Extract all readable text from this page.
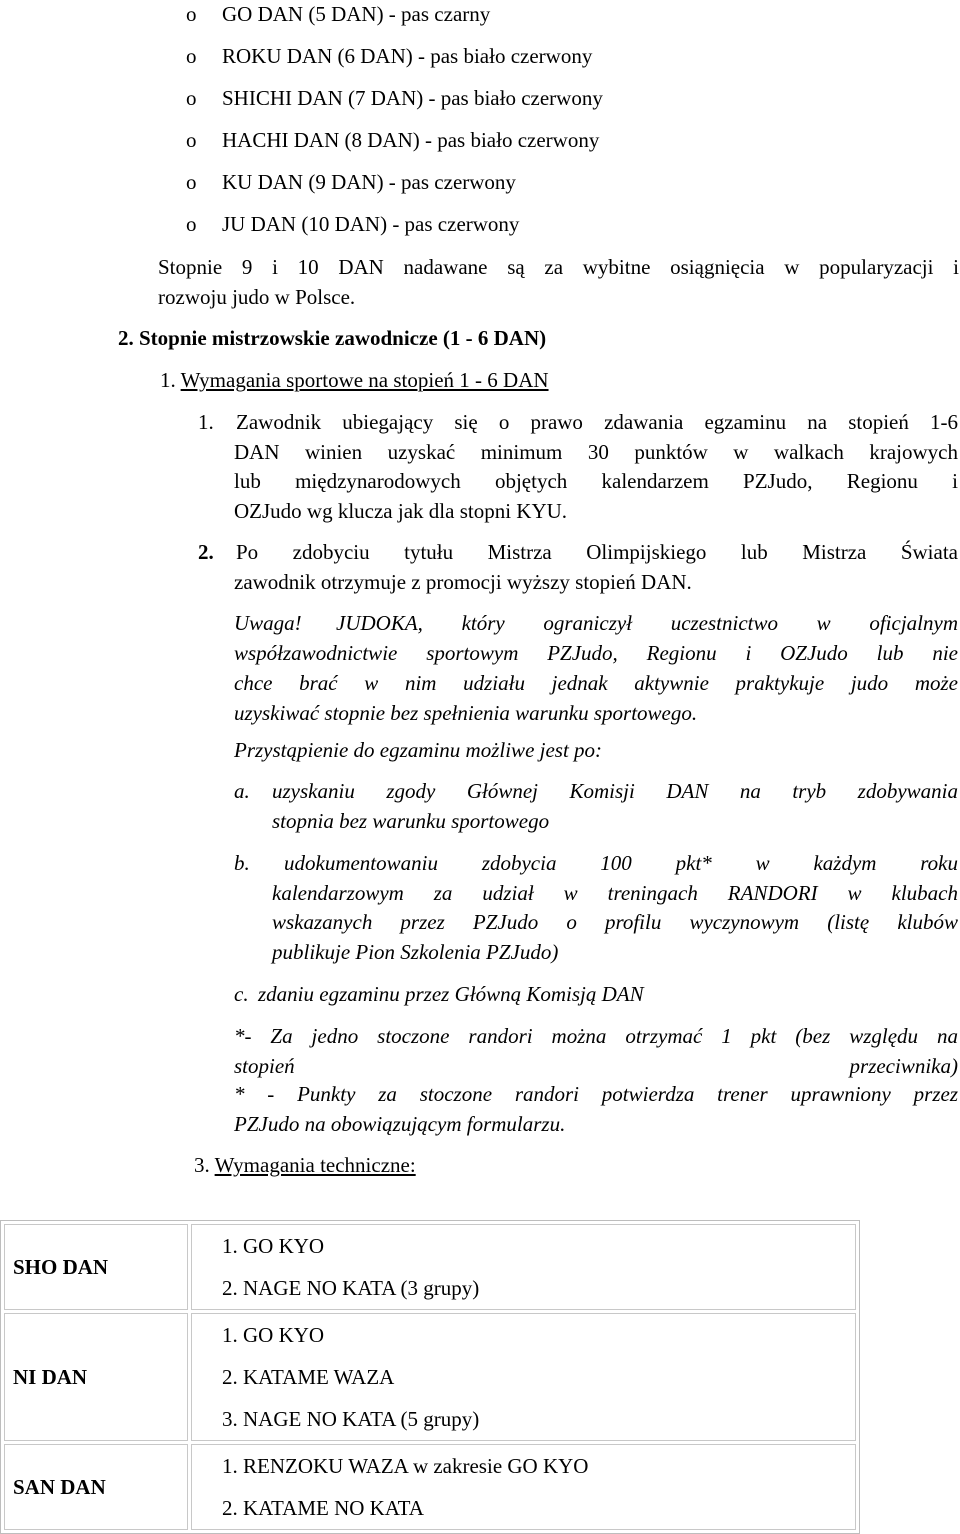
o GO DAN (5 DAN) - pas czarny
o ROKU DAN (6 DAN) - pas biało czerwony
o SHICHI DAN (7 DAN) - pas biało czerwony
o HACHI DAN (8 DAN) - pas biało czerwony
o KU DAN (9 DAN) - pas czerwony
o JU DAN (10 DAN) - pas czerwony
Stopnie 9 i 10 DAN nadawane są za wybitne osiągnięcia w popularyzacji i
rozwoju judo w Polsce.
2. Stopnie mistrzowskie zawodnicze (1 - 6 DAN)
1. Wymagania sportowe na stopień 1 - 6 DAN
1. Zawodnik ubiegający się o prawo zdawania egzaminu na stopień 1-6
DAN winien uzyskać minimum 30 punktów w walkach krajowych
lub międzynarodowych objętych kalendarzem PZJudo, Regionu i
OZJudo wg klucza jak dla stopni KYU.
2. Po zdobyciu tytułu Mistrza Olimpijskiego lub Mistrza Świata
zawodnik otrzymuje z promocji wyższy stopień DAN.
Uwaga! JUDOKA, który ograniczył uczestnictwo w oficjalnym
współzawodnictwie sportowym PZJudo, Regionu i OZJudo lub nie
chce brać w nim udziału jednak aktywnie praktykuje judo może
uzyskiwać stopnie bez spełnienia warunku sportowego.
Przystąpienie do egzaminu możliwe jest po:
a. uzyskaniu zgody Głównej Komisji DAN na tryb zdobywania
stopnia bez warunku sportowego
b. udokumentowaniu zdobycia 100 pkt* w każdym roku
kalendarzowym za udział w treningach RANDORI w klubach
wskazanych przez PZJudo o profilu wyczynowym (listę klubów
publikuje Pion Szkolenia PZJudo)
c. zdaniu egzaminu przez Główną Komisją DAN
*- Za jedno stoczone randori można otrzymać 1 pkt (bez względu na
stopień przeciwnika)
* - Punkty za stoczone randori potwierdza trener uprawniony przez
PZJudo na obowiązującym formularzu.
3. Wymagania techniczne:
SHO DAN	1. GO KYO
2. NAGE NO KATA (3 grupy)

NI DAN	1. GO KYO
2. KATAME WAZA
3. NAGE NO KATA (5 grupy)

SAN DAN	1. RENZOKU WAZA w zakresie GO KYO
2. KATAME NO KATA
